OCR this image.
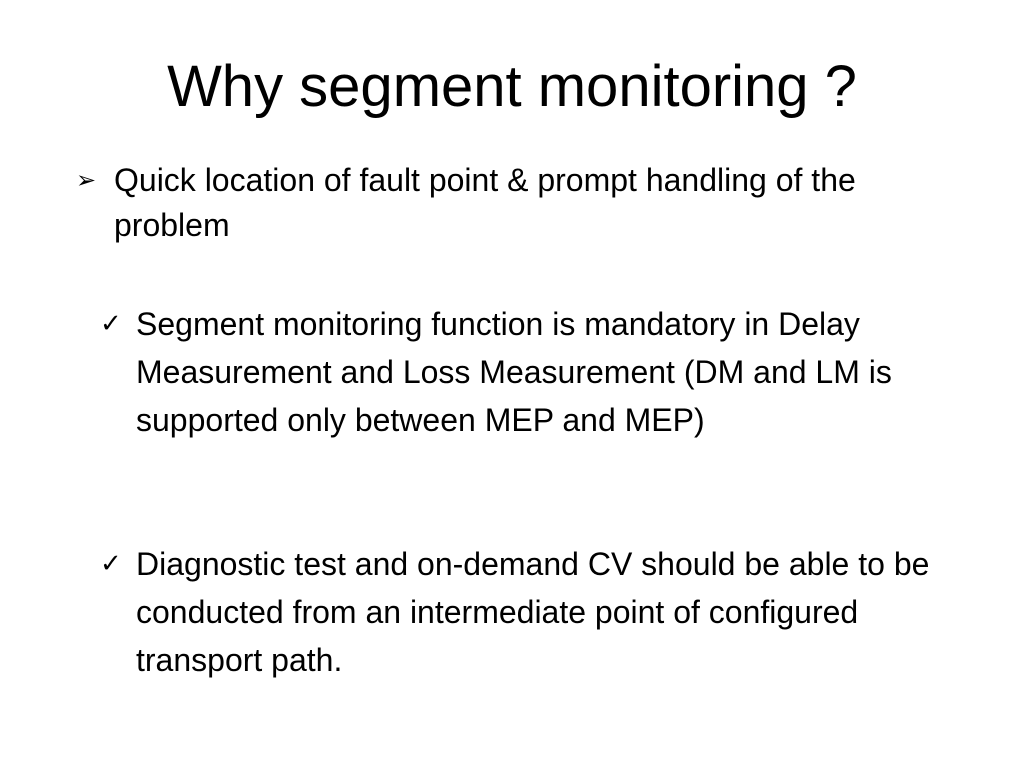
Why segment monitoring ?
➢ Quick location of fault point & prompt handling of the problem
✓ Segment monitoring function is mandatory in Delay Measurement and Loss Measurement (DM and LM is supported only between MEP and MEP)
✓ Diagnostic test and on-demand CV should be able to be conducted from an intermediate point of configured transport path.
